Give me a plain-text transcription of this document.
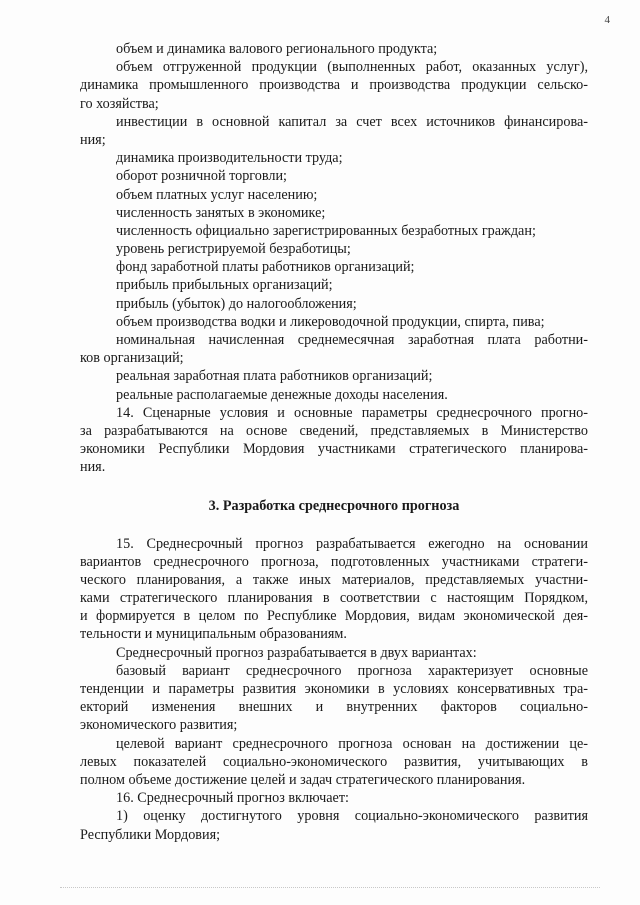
4
объем и динамика валового регионального продукта;
объем отгруженной продукции (выполненных работ, оказанных услуг),
динамика промышленного производства и производства продукции сельско-
го хозяйства;
инвестиции в основной капитал за счет всех источников финансирова-
ния;
динамика производительности труда;
оборот розничной торговли;
объем платных услуг населению;
численность занятых в экономике;
численность официально зарегистрированных безработных граждан;
уровень регистрируемой безработицы;
фонд заработной платы работников организаций;
прибыль прибыльных организаций;
прибыль (убыток) до налогообложения;
объем производства водки и ликероводочной продукции, спирта, пива;
номинальная начисленная среднемесячная заработная плата работни-
ков организаций;
реальная заработная плата работников организаций;
реальные располагаемые денежные доходы населения.
14. Сценарные условия и основные параметры среднесрочного прогно-
за разрабатываются на основе сведений, представляемых в Министерство
экономики Республики Мордовия участниками стратегического планирова-
ния.
3. Разработка среднесрочного прогноза
15. Среднесрочный прогноз разрабатывается ежегодно на основании
вариантов среднесрочного прогноза, подготовленных участниками стратеги-
ческого планирования, а также иных материалов, представляемых участни-
ками стратегического планирования в соответствии с настоящим Порядком,
и формируется в целом по Республике Мордовия, видам экономической дея-
тельности и муниципальным образованиям.
Среднесрочный прогноз разрабатывается в двух вариантах:
базовый вариант среднесрочного прогноза характеризует основные
тенденции и параметры развития экономики в условиях консервативных тра-
екторий изменения внешних и внутренних факторов социально-
экономического развития;
целевой вариант среднесрочного прогноза основан на достижении це-
левых показателей социально-экономического развития, учитывающих в
полном объеме достижение целей и задач стратегического планирования.
16. Среднесрочный прогноз включает:
1) оценку достигнутого уровня социально-экономического развития
Республики Мордовия;
